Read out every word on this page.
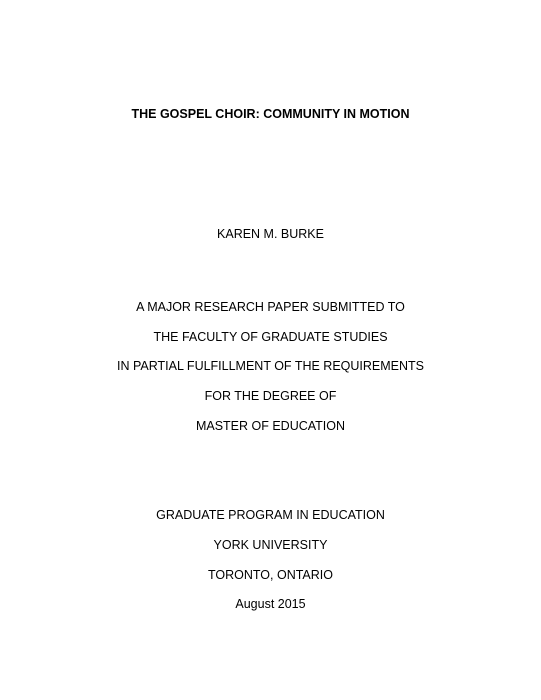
THE GOSPEL CHOIR: COMMUNITY IN MOTION
KAREN M. BURKE
A MAJOR RESEARCH PAPER SUBMITTED TO
THE FACULTY OF GRADUATE STUDIES
IN PARTIAL FULFILLMENT OF THE REQUIREMENTS
FOR THE DEGREE OF
MASTER OF EDUCATION
GRADUATE PROGRAM IN EDUCATION
YORK UNIVERSITY
TORONTO, ONTARIO
August 2015
